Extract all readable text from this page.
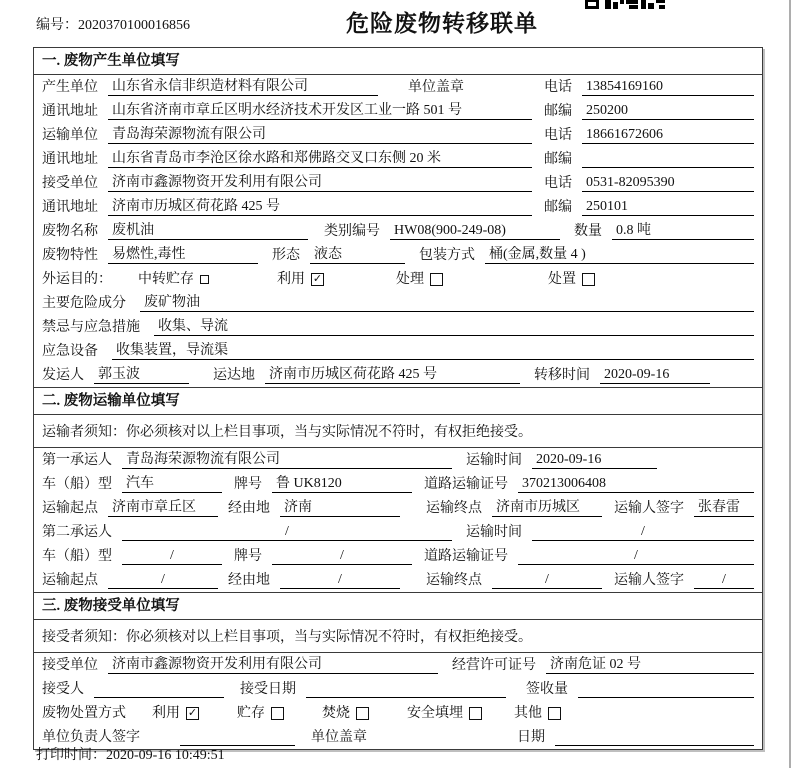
编号：2020370100016856	危险废物转移联单
一. 废物产生单位填写
产生单位 山东省永信非织造材料有限公司	单位盖章	电话 13854169160
通讯地址 山东省济南市章丘区明水经济技术开发区工业一路 501 号	邮编 250200
运输单位 青岛海荣源物流有限公司	电话 18661672606
通讯地址 山东省青岛市李沧区徐水路和郑佛路交叉口东侧 20 米	邮编
接受单位 济南市鑫源物资开发利用有限公司	电话 0531-82095390
通讯地址 济南市历城区荷花路 425 号	邮编 250101
废物名称 废机油	类别编号 HW08(900-249-08)	数量 0.8 吨
废物特性 易燃性,毒性	形态 液态	包装方式 桶(金属,数量 4 )
外运目的： 中转贮存	利用 ✓	处理	处置
主要危险成分 废矿物油
禁忌与应急措施 收集、导流
应急设备 收集装置，导流渠
发运人 郭玉波	运达地 济南市历城区荷花路 425 号	转移时间 2020-09-16
二. 废物运输单位填写
运输者须知：你必须核对以上栏目事项，当与实际情况不符时，有权拒绝接受。
第一承运人 青岛海荣源物流有限公司	运输时间 2020-09-16
车（船）型 汽车	牌号 鲁 UK8120	道路运输证号 370213006408
运输起点 济南市章丘区	经由地 济南	运输终点 济南市历城区	运输人签字 张春雷
第二承运人	/	运输时间	/
车（船）型	/	牌号	/	道路运输证号	/
运输起点	/	经由地	/	运输终点	/	运输人签字	/
三. 废物接受单位填写
接受者须知：你必须核对以上栏目事项，当与实际情况不符时，有权拒绝接受。
接受单位 济南市鑫源物资开发利用有限公司	经营许可证号 济南危证 02 号
接受人	接受日期	签收量
废物处置方式 利用 ✓	贮存	焚烧	安全填埋	其他
单位负责人签字	单位盖章	日期
打印时间：2020-09-16 10:49:51
